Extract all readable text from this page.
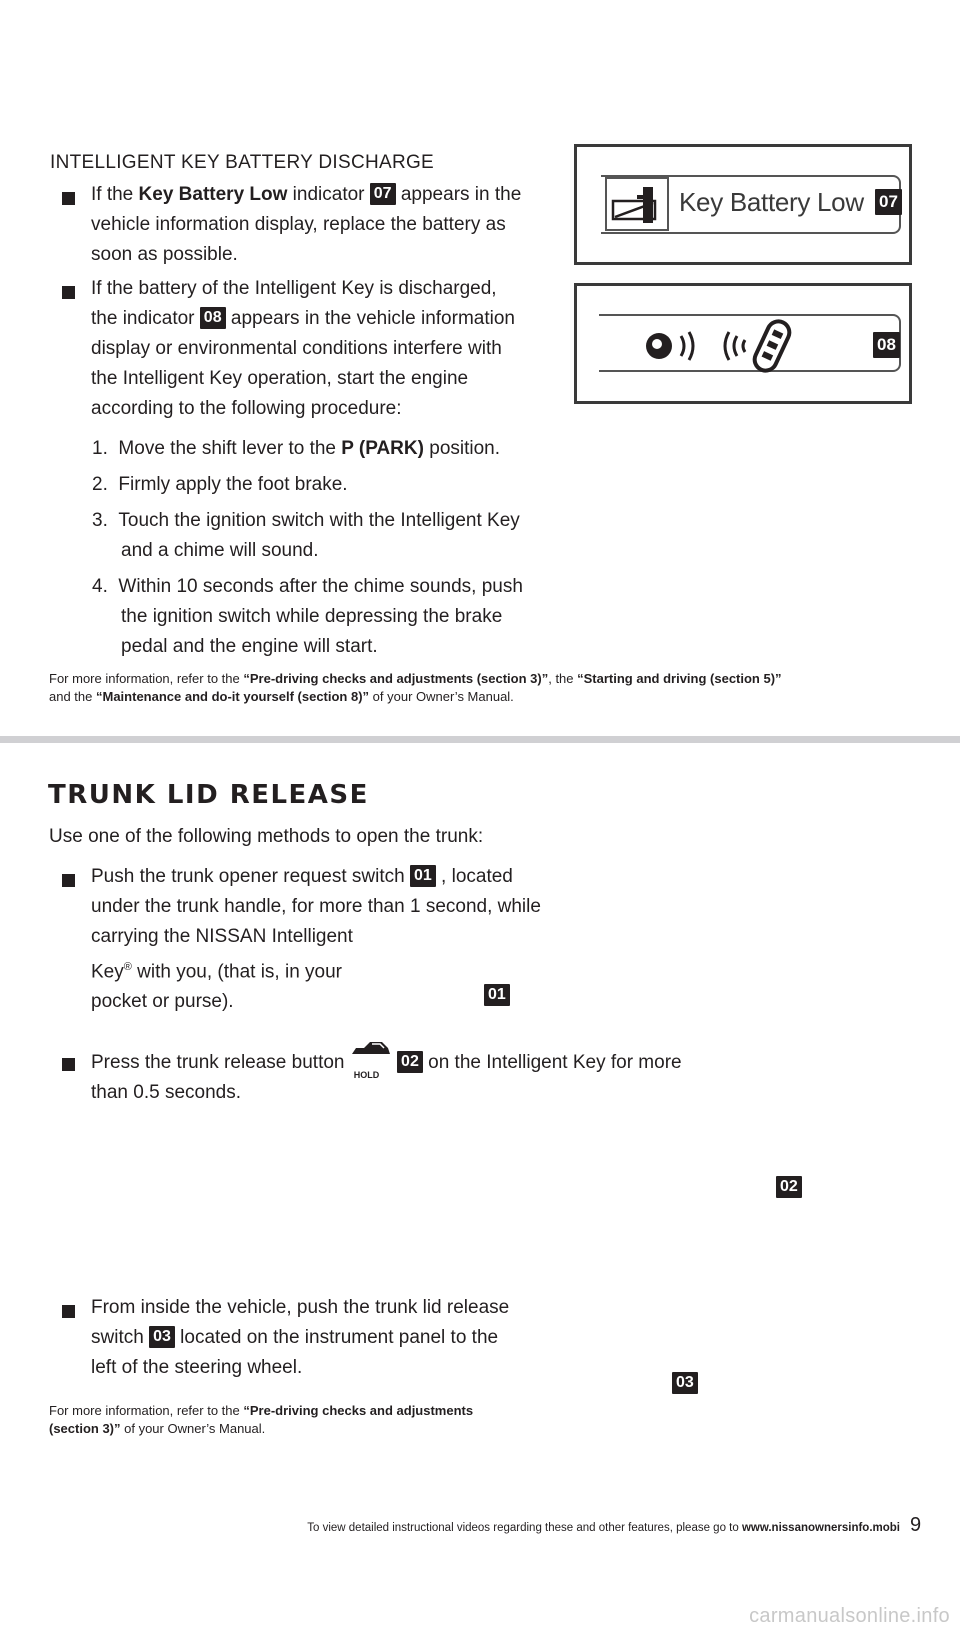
INTELLIGENT KEY BATTERY DISCHARGE
If the Key Battery Low indicator 07 appears in the
vehicle information display, replace the battery as
soon as possible.
If the battery of the Intelligent Key is discharged,
the indicator 08 appears in the vehicle information
display or environmental conditions interfere with
the Intelligent Key operation, start the engine
according to the following procedure:
1. Move the shift lever to the P (PARK) position.
2. Firmly apply the foot brake.
3. Touch the ignition switch with the Intelligent Key
and a chime will sound.
4. Within 10 seconds after the chime sounds, push
the ignition switch while depressing the brake
pedal and the engine will start.
For more information, refer to the “Pre-driving checks and adjustments (section 3)”, the “Starting and driving (section 5)”
and the “Maintenance and do-it yourself (section 8)” of your Owner’s Manual.
Key Battery Low 07
08
TRUNK LID RELEASE
Use one of the following methods to open the trunk:
Push the trunk opener request switch 01 , located
under the trunk handle, for more than 1 second, while
carrying the NISSAN Intelligent
Key® with you, (that is, in your
pocket or purse).	01
Press the trunk release button
HOLD
02 on the Intelligent Key for more
than 0.5 seconds.
02
From inside the vehicle, push the trunk lid release
switch 03 located on the instrument panel to the
left of the steering wheel.
For more information, refer to the “Pre-driving checks and adjustments
(section 3)” of your Owner’s Manual.
03
To view detailed instructional videos regarding these and other features, please go to www.nissanownersinfo.mobi 9
carmanualsonline.info
